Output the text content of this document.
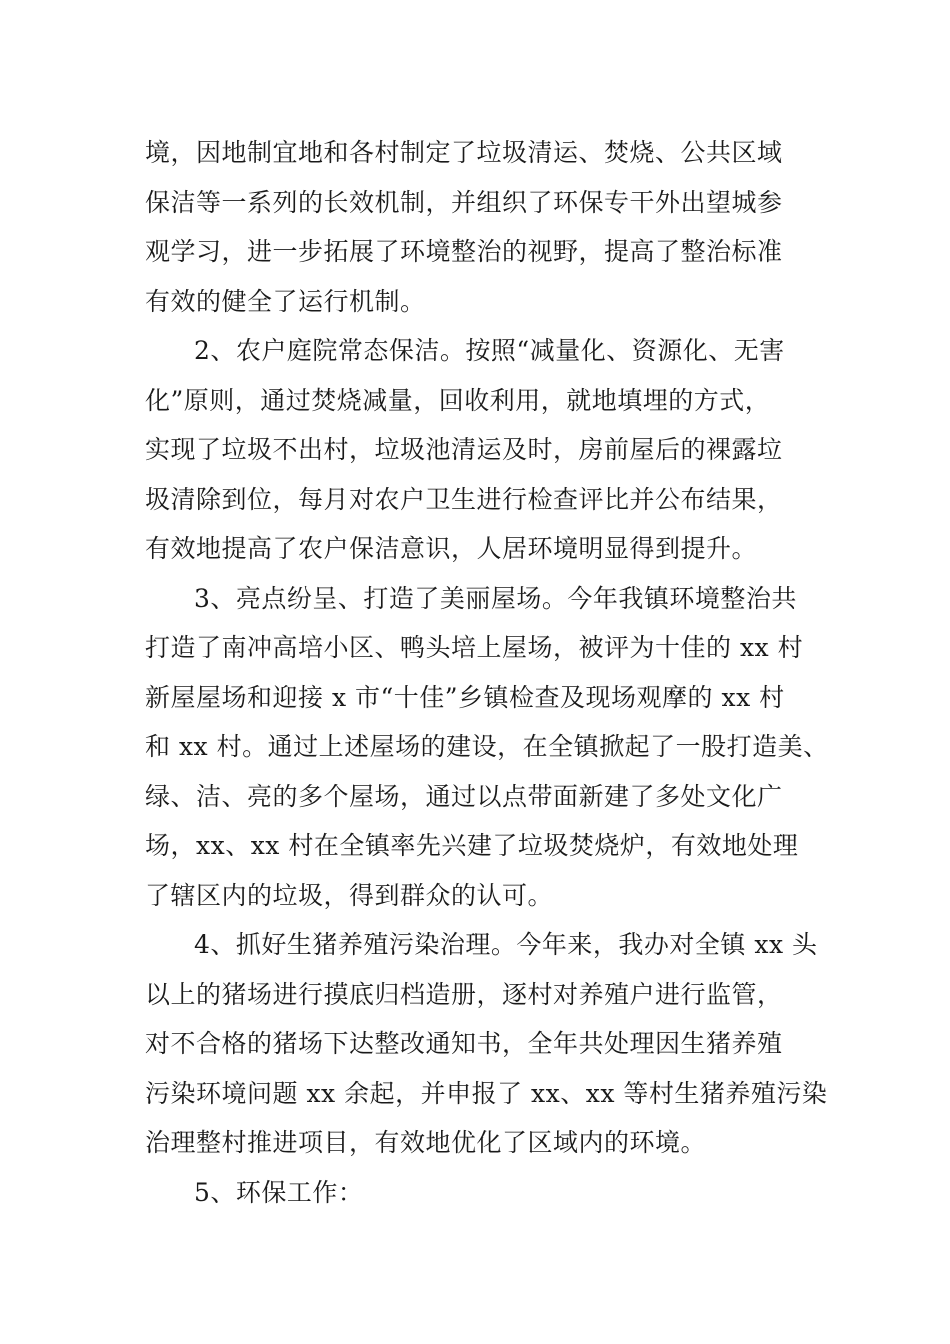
境，因地制宜地和各村制定了垃圾清运、焚烧、公共区域
保洁等一系列的长效机制，并组织了环保专干外出望城参
观学习，进一步拓展了环境整治的视野，提高了整治标准
有效的健全了运行机制。
2、农户庭院常态保洁。按照“减量化、资源化、无害
化”原则，通过焚烧减量，回收利用，就地填埋的方式，
实现了垃圾不出村，垃圾池清运及时，房前屋后的裸露垃
圾清除到位，每月对农户卫生进行检查评比并公布结果，
有效地提高了农户保洁意识，人居环境明显得到提升。
3、亮点纷呈、打造了美丽屋场。今年我镇环境整治共
打造了南冲高培小区、鸭头培上屋场，被评为十佳的 xx 村
新屋屋场和迎接 x 市“十佳”乡镇检查及现场观摩的 xx 村
和 xx 村。通过上述屋场的建设，在全镇掀起了一股打造美、
绿、洁、亮的多个屋场，通过以点带面新建了多处文化广
场，xx、xx 村在全镇率先兴建了垃圾焚烧炉，有效地处理
了辖区内的垃圾，得到群众的认可。
4、抓好生猪养殖污染治理。今年来，我办对全镇 xx 头
以上的猪场进行摸底归档造册，逐村对养殖户进行监管，
对不合格的猪场下达整改通知书，全年共处理因生猪养殖
污染环境问题 xx 余起，并申报了 xx、xx 等村生猪养殖污染
治理整村推进项目，有效地优化了区域内的环境。
5、环保工作：
